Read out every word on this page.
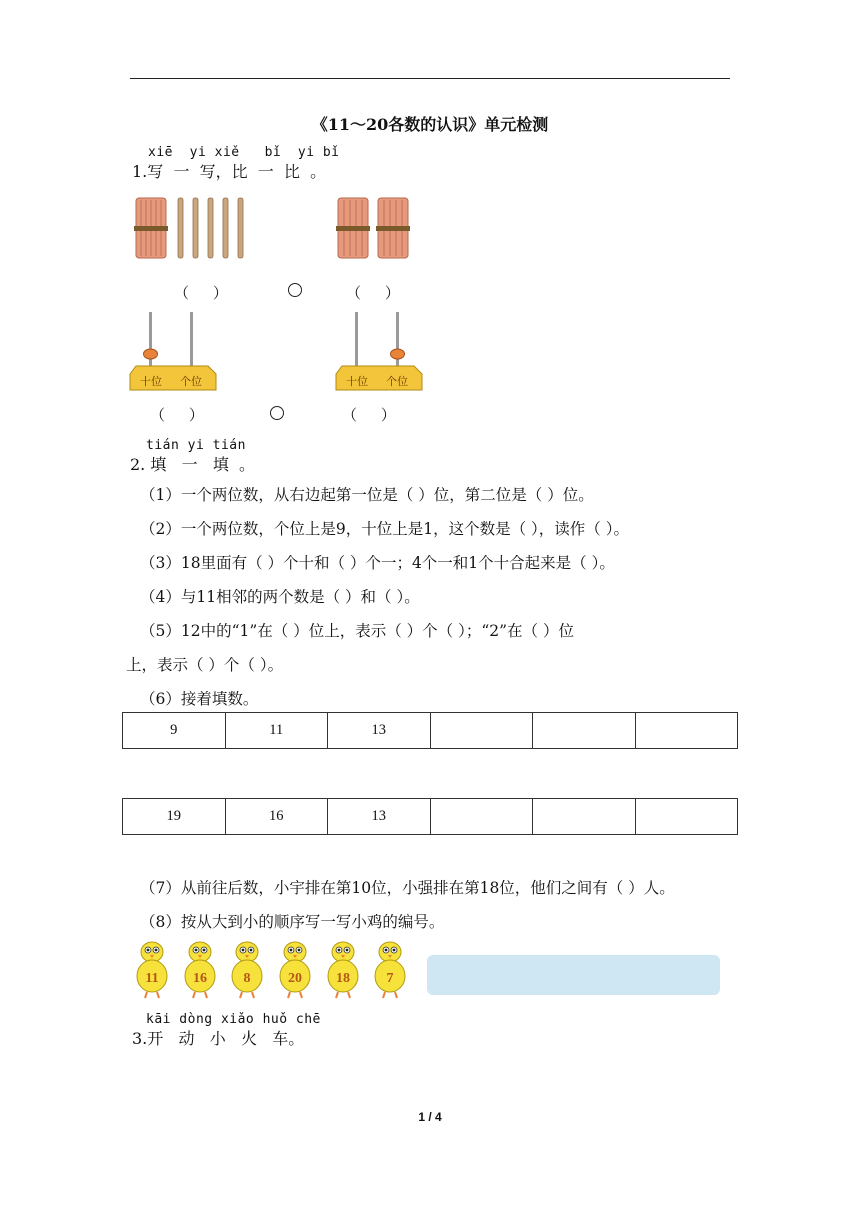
《11～20各数的认识》单元检测
xiē  yi xiě   bǐ  yi bǐ
1.写  一  写，比  一  比  。
（     ）	（     ）
十位 个位	十位 个位
（     ）	（     ）
tián yi tián
2. 填   一   填  。
（1）一个两位数，从右边起第一位是（ ）位，第二位是（ ）位。
（2）一个两位数，个位上是9，十位上是1，这个数是（ ），读作（ ）。
（3）18里面有（ ）个十和（ ）个一；4个一和1个十合起来是（ ）。
（4）与11相邻的两个数是（ ）和（ ）。
（5）12中的“1”在（ ）位上，表示（ ）个（ ）；“2”在（ ）位
上，表示（ ）个（ ）。
（6）接着填数。
9	11	13			
19	16	13			
（7）从前往后数，小宇排在第10位，小强排在第18位，他们之间有（ ）人。
（8）按从大到小的顺序写一写小鸡的编号。
11 16	8	20 18	7
kāi dòng xiǎo huǒ chē
3.开   动   小   火   车。
1 / 4
